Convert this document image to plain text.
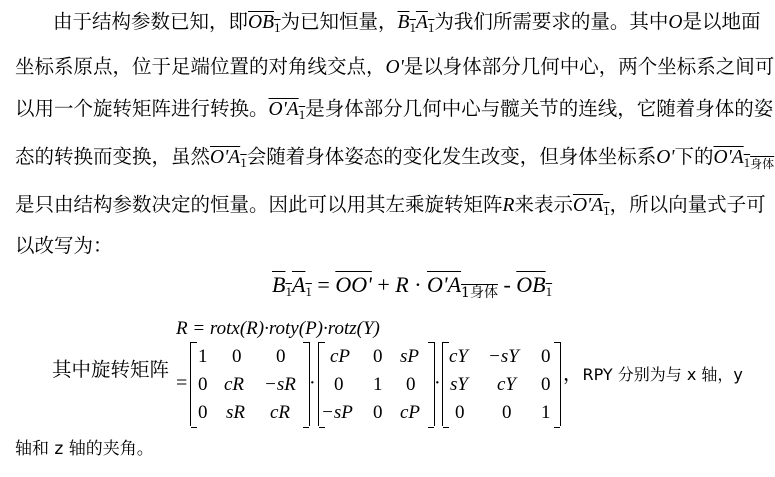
由于结构参数已知，即$OB_1$为已知恒量，$B_1A_1$为我们所需要求的量。其中O是以地面
坐标系原点，位于足端位置的对角线交点，O'是以身体部分几何中心，两个坐标系之间可
以用一个旋转矩阵进行转换。$O'A_1$是身体部分几何中心与髋关节的连线，它随着身体的姿
态的转换而变换，虽然$O'A_1$会随着身体姿态的变化发生改变，但身体坐标系O'下的$O'A_{1身体}$
是只由结构参数决定的恒量。因此可以用其左乘旋转矩阵R来表示$O'A_1$，所以向量式子可
以改写为：
$B_1A_1 = OO' + R \cdot O'A_{1身体} - OB_1$
R = rotx(R)·roty(P)·rotz(Y)
其中旋转矩阵
=	·	·
1 0 0
0 cR −sR
0 sR cR
cP 0 sP
0 1 0
−sP 0 cP
cY −sY 0
sY cY 0
0 0 1
，RPY 分别为与 x 轴，y
轴和 z 轴的夹角。
